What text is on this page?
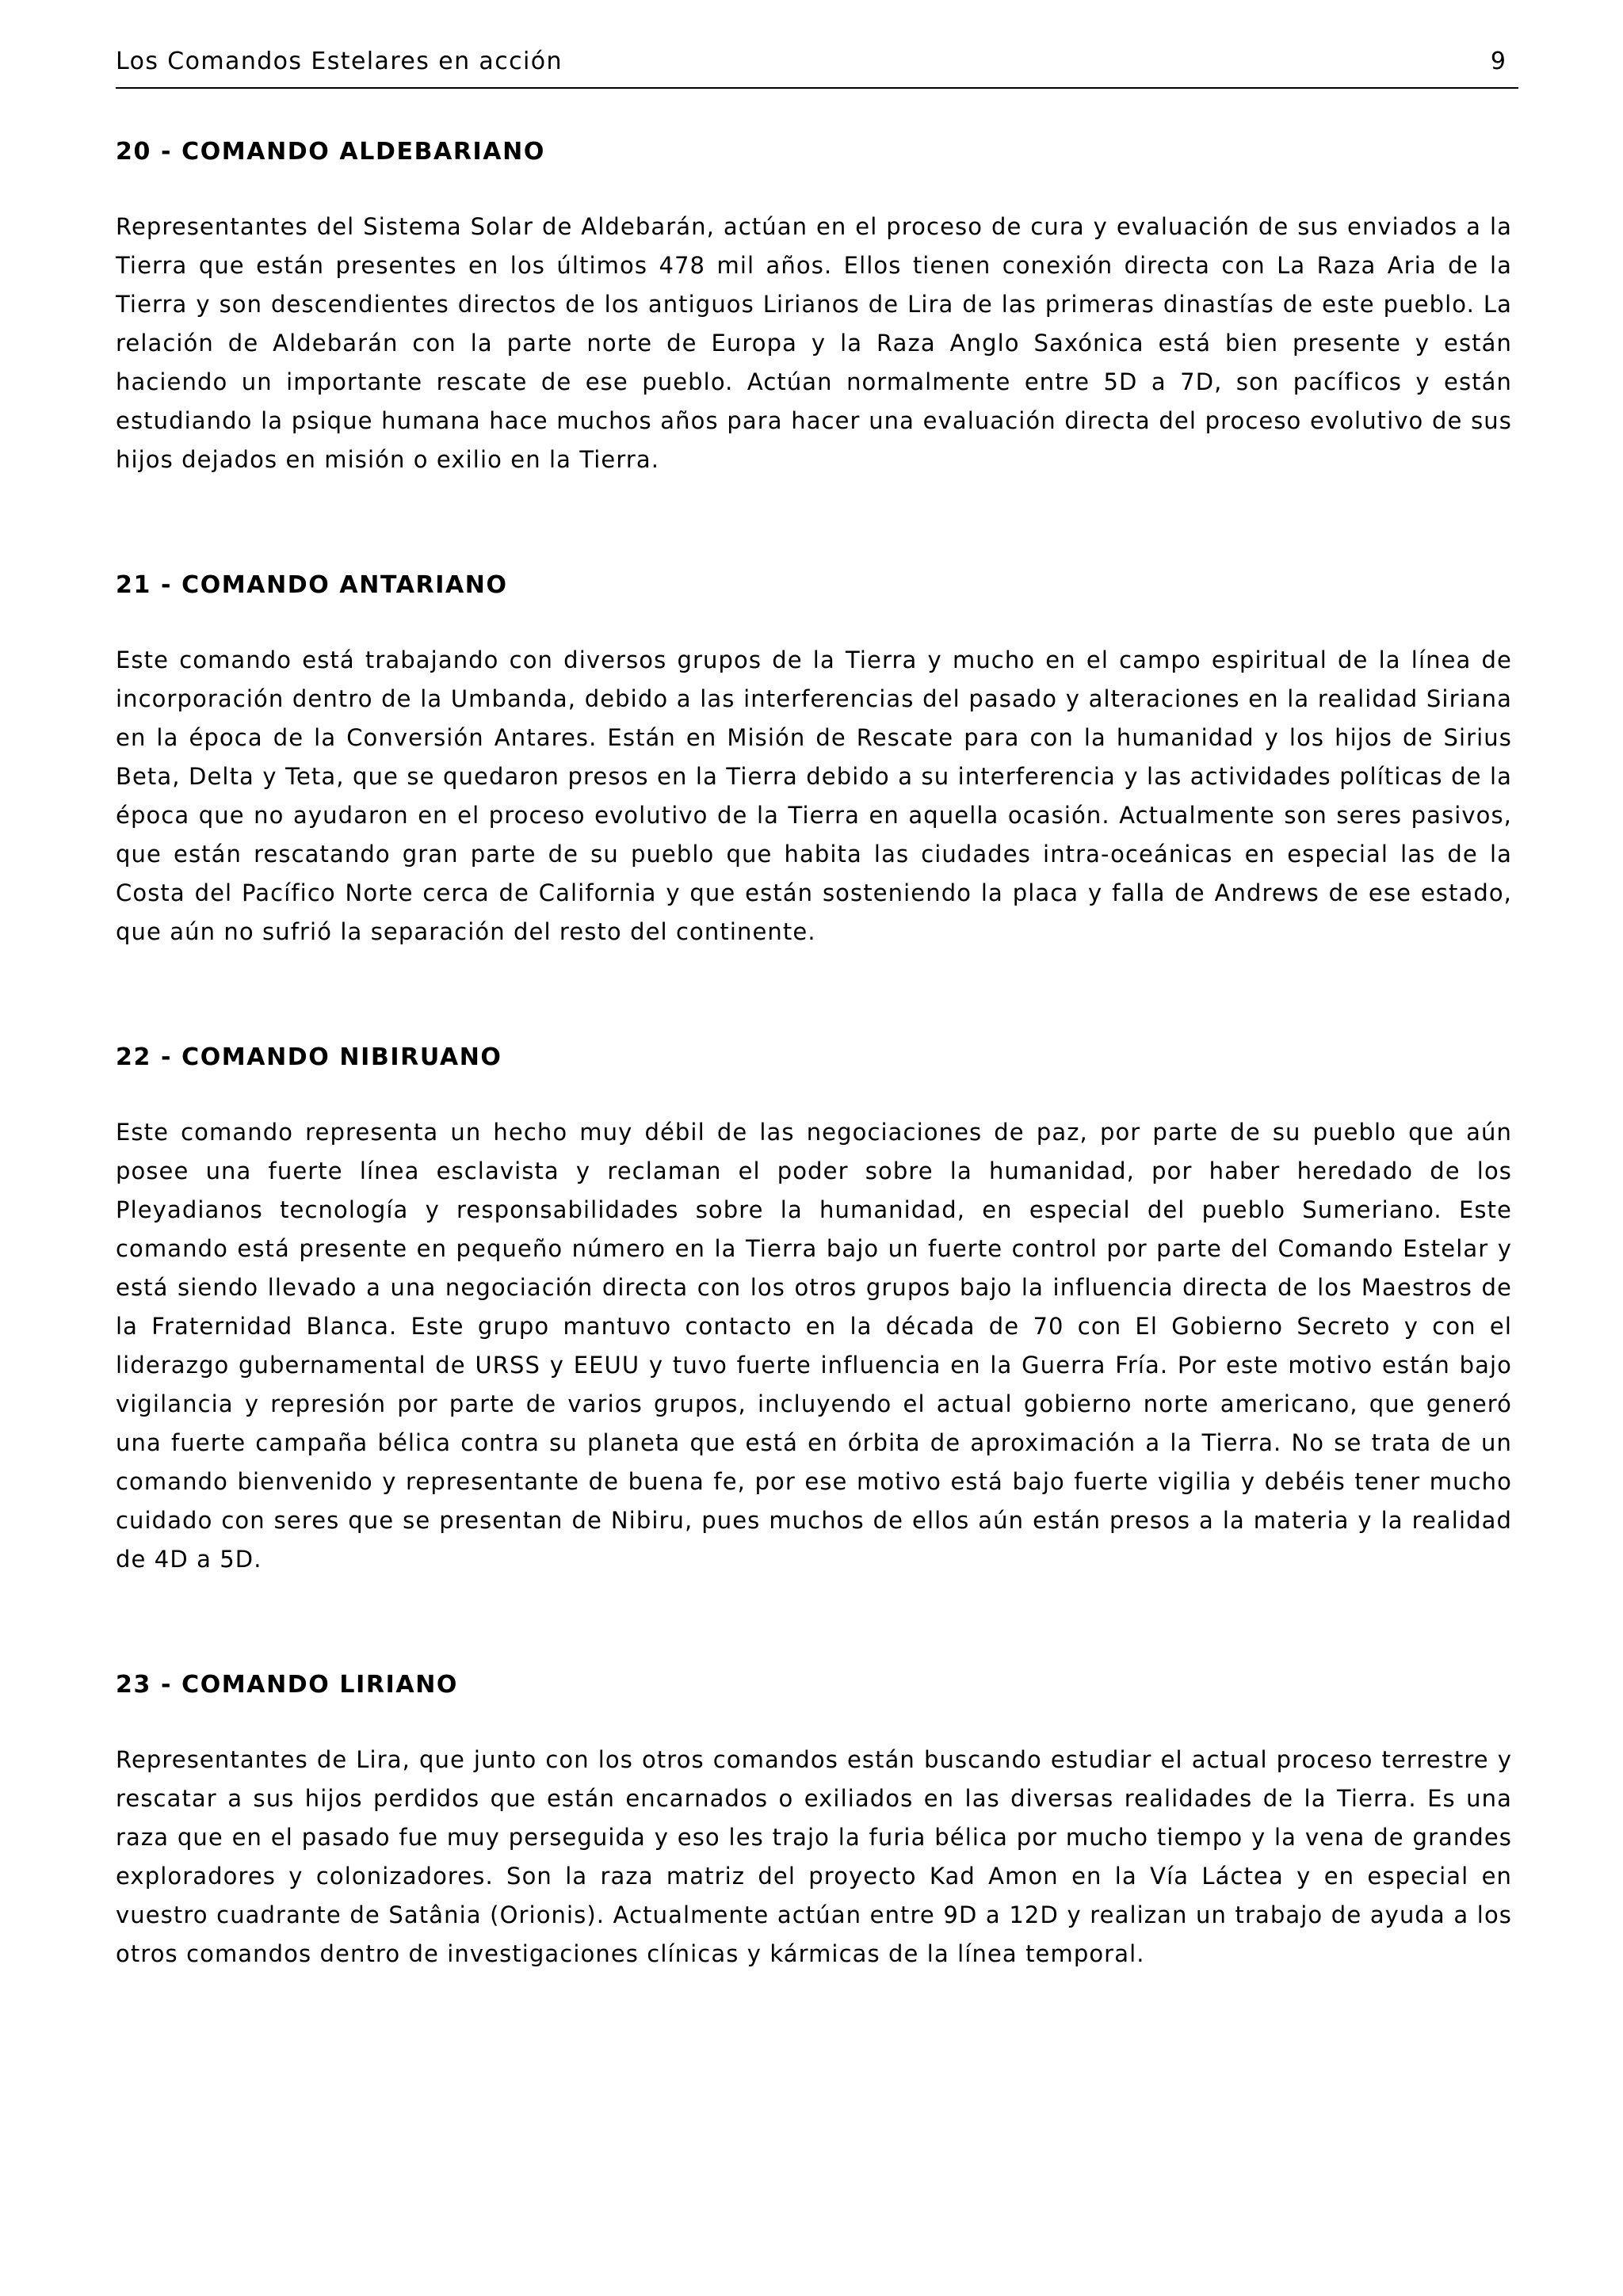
Los Comandos Estelares en acción	9
20 - COMANDO ALDEBARIANO

Representantes del Sistema Solar de Aldebarán, actúan en el proceso de cura y evaluación de sus enviados a la Tierra que están presentes en los últimos 478 mil años. Ellos tienen conexión directa con La Raza Aria de la Tierra y son descendientes directos de los antiguos Lirianos de Lira de las primeras dinastías de este pueblo. La relación de Aldebarán con la parte norte de Europa y la Raza Anglo Saxónica está bien presente y están haciendo un importante rescate de ese pueblo. Actúan normalmente entre 5D a 7D, son pacíficos y están estudiando la psique humana hace muchos años para hacer una evaluación directa del proceso evolutivo de sus hijos dejados en misión o exilio en la Tierra.

21 - COMANDO ANTARIANO

Este comando está trabajando con diversos grupos de la Tierra y mucho en el campo espiritual de la línea de incorporación dentro de la Umbanda, debido a las interferencias del pasado y alteraciones en la realidad Siriana en la época de la Conversión Antares. Están en Misión de Rescate para con la humanidad y los hijos de Sirius Beta, Delta y Teta, que se quedaron presos en la Tierra debido a su interferencia y las actividades políticas de la época que no ayudaron en el proceso evolutivo de la Tierra en aquella ocasión. Actualmente son seres pasivos, que están rescatando gran parte de su pueblo que habita las ciudades intra-oceánicas en especial las de la Costa del Pacífico Norte cerca de California y que están sosteniendo la placa y falla de Andrews de ese estado, que aún no sufrió la separación del resto del continente.

22 - COMANDO NIBIRUANO

Este comando representa un hecho muy débil de las negociaciones de paz, por parte de su pueblo que aún posee una fuerte línea esclavista y reclaman el poder sobre la humanidad, por haber heredado de los Pleyadianos tecnología y responsabilidades sobre la humanidad, en especial del pueblo Sumeriano. Este comando está presente en pequeño número en la Tierra bajo un fuerte control por parte del Comando Estelar y está siendo llevado a una negociación directa con los otros grupos bajo la influencia directa de los Maestros de la Fraternidad Blanca. Este grupo mantuvo contacto en la década de 70 con El Gobierno Secreto y con el liderazgo gubernamental de URSS y EEUU y tuvo fuerte influencia en la Guerra Fría. Por este motivo están bajo vigilancia y represión por parte de varios grupos, incluyendo el actual gobierno norte americano, que generó una fuerte campaña bélica contra su planeta que está en órbita de aproximación a la Tierra. No se trata de un comando bienvenido y representante de buena fe, por ese motivo está bajo fuerte vigilia y debéis tener mucho cuidado con seres que se presentan de Nibiru, pues muchos de ellos aún están presos a la materia y la realidad de 4D a 5D.

23 - COMANDO LIRIANO

Representantes de Lira, que junto con los otros comandos están buscando estudiar el actual proceso terrestre y rescatar a sus hijos perdidos que están encarnados o exiliados en las diversas realidades de la Tierra. Es una raza que en el pasado fue muy perseguida y eso les trajo la furia bélica por mucho tiempo y la vena de grandes exploradores y colonizadores. Son la raza matriz del proyecto Kad Amon en la Vía Láctea y en especial en vuestro cuadrante de Satânia (Orionis). Actualmente actúan entre 9D a 12D y realizan un trabajo de ayuda a los otros comandos dentro de investigaciones clínicas y kármicas de la línea temporal.
